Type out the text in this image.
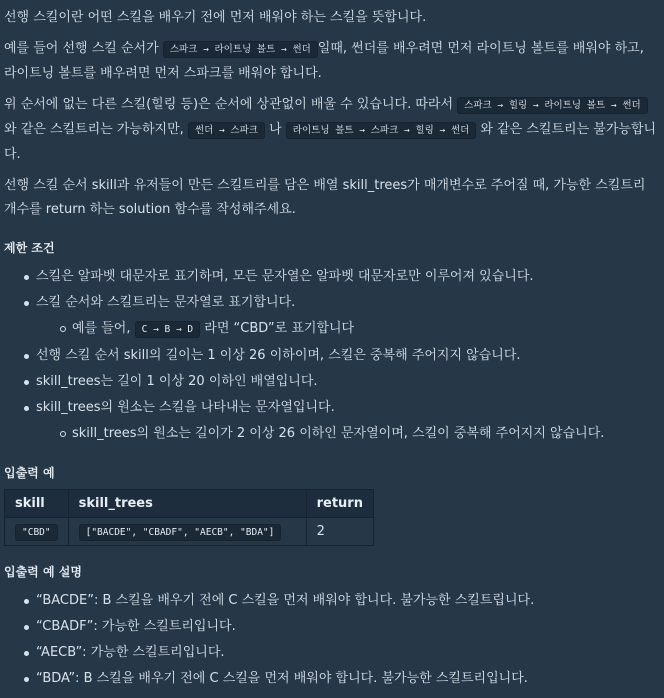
선행 스킬이란 어떤 스킬을 배우기 전에 먼저 배워야 하는 스킬을 뜻합니다.

예를 들어 선행 스킬 순서가 스파크 → 라이트닝 볼트 → 썬더 일때, 썬더를 배우려면 먼저 라이트닝 볼트를 배워야 하고, 라이트닝 볼트를 배우려면 먼저 스파크를 배워야 합니다.

위 순서에 없는 다른 스킬(힐링 등)은 순서에 상관없이 배울 수 있습니다. 따라서 스파크 → 힐링 → 라이트닝 볼트 → 썬더 와 같은 스킬트리는 가능하지만, 썬더 → 스파크 나 라이트닝 볼트 → 스파크 → 힐링 → 썬더 와 같은 스킬트리는 불가능합니다.

선행 스킬 순서 skill과 유저들이 만든 스킬트리를 담은 배열 skill_trees가 매개변수로 주어질 때, 가능한 스킬트리 개수를 return 하는 solution 함수를 작성해주세요.

제한 조건
스킬은 알파벳 대문자로 표기하며, 모든 문자열은 알파벳 대문자로만 이루어져 있습니다.
스킬 순서와 스킬트리는 문자열로 표기합니다.
예를 들어, C → B → D 라면 “CBD”로 표기합니다
선행 스킬 순서 skill의 길이는 1 이상 26 이하이며, 스킬은 중복해 주어지지 않습니다.
skill_trees는 길이 1 이상 20 이하인 배열입니다.
skill_trees의 원소는 스킬을 나타내는 문자열입니다.
skill_trees의 원소는 길이가 2 이상 26 이하인 문자열이며, 스킬이 중복해 주어지지 않습니다.
입출력 예
skill	skill_trees	return
"CBD"	["BACDE", "CBADF", "AECB", "BDA"]	2
입출력 예 설명
“BACDE”: B 스킬을 배우기 전에 C 스킬을 먼저 배워야 합니다. 불가능한 스킬트립니다.
“CBADF”: 가능한 스킬트리입니다.
“AECB”: 가능한 스킬트리입니다.
“BDA”: B 스킬을 배우기 전에 C 스킬을 먼저 배워야 합니다. 불가능한 스킬트리입니다.
